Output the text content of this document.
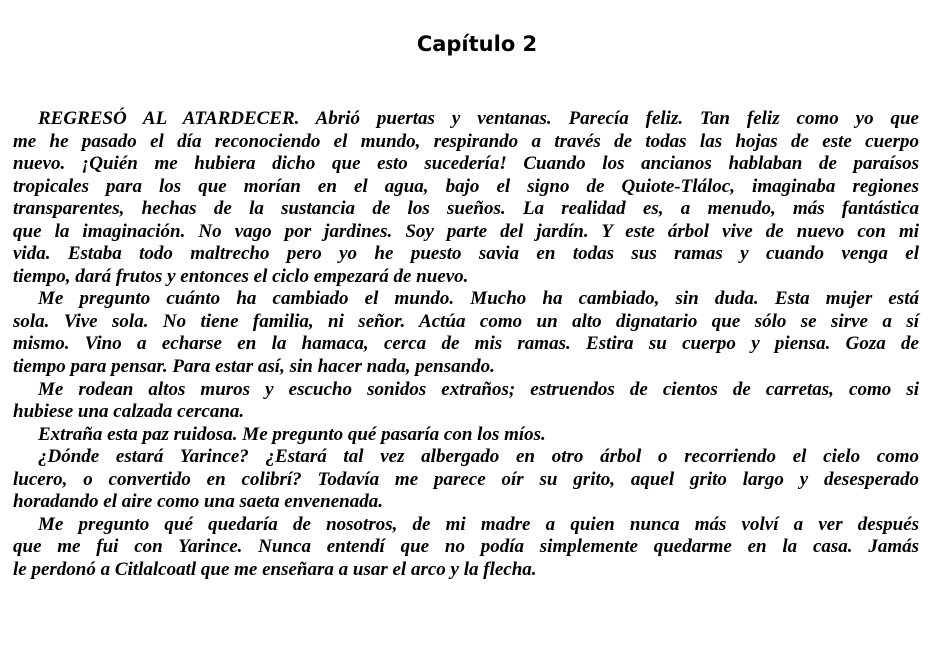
Capítulo 2
REGRESÓ AL ATARDECER. Abrió puertas y ventanas. Parecía feliz. Tan feliz como yo que
me he pasado el día reconociendo el mundo, respirando a través de todas las hojas de este cuerpo
nuevo. ¡Quién me hubiera dicho que esto sucedería! Cuando los ancianos hablaban de paraísos
tropicales para los que morían en el agua, bajo el signo de Quiote-Tláloc, imaginaba regiones
transparentes, hechas de la sustancia de los sueños. La realidad es, a menudo, más fantástica
que la imaginación. No vago por jardines. Soy parte del jardín. Y este árbol vive de nuevo con mi
vida. Estaba todo maltrecho pero yo he puesto savia en todas sus ramas y cuando venga el
tiempo, dará frutos y entonces el ciclo empezará de nuevo.
Me pregunto cuánto ha cambiado el mundo. Mucho ha cambiado, sin duda. Esta mujer está
sola. Vive sola. No tiene familia, ni señor. Actúa como un alto dignatario que sólo se sirve a sí
mismo. Vino a echarse en la hamaca, cerca de mis ramas. Estira su cuerpo y piensa. Goza de
tiempo para pensar. Para estar así, sin hacer nada, pensando.
Me rodean altos muros y escucho sonidos extraños; estruendos de cientos de carretas, como si
hubiese una calzada cercana.
Extraña esta paz ruidosa. Me pregunto qué pasaría con los míos.
¿Dónde estará Yarince? ¿Estará tal vez albergado en otro árbol o recorriendo el cielo como
lucero, o convertido en colibrí? Todavía me parece oír su grito, aquel grito largo y desesperado
horadando el aire como una saeta envenenada.
Me pregunto qué quedaría de nosotros, de mi madre a quien nunca más volví a ver después
que me fui con Yarince. Nunca entendí que no podía simplemente quedarme en la casa. Jamás
le perdonó a Citlalcoatl que me enseñara a usar el arco y la flecha.
